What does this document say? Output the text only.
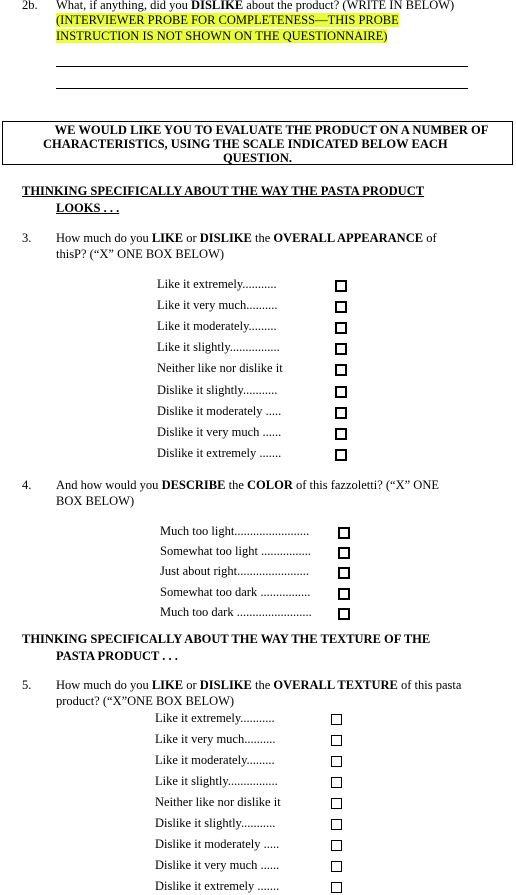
2b. What, if anything, did you DISLIKE about the product? (WRITE IN BELOW)
(INTERVIEWER PROBE FOR COMPLETENESS—THIS PROBE
INSTRUCTION IS NOT SHOWN ON THE QUESTIONNAIRE)
WE WOULD LIKE YOU TO EVALUATE THE PRODUCT ON A NUMBER OF
CHARACTERISTICS, USING THE SCALE INDICATED BELOW EACH
QUESTION.
THINKING SPECIFICALLY ABOUT THE WAY THE PASTA PRODUCT
LOOKS . . .
3. How much do you LIKE or DISLIKE the OVERALL APPEARANCE of
thisP? (“X” ONE BOX BELOW)
Like it extremely...........
Like it very much..........
Like it moderately.........
Like it slightly................
Neither like nor dislike it
Dislike it slightly...........
Dislike it moderately .....
Dislike it very much ......
Dislike it extremely .......
4. And how would you DESCRIBE the COLOR of this fazzoletti? (“X” ONE
BOX BELOW)
Much too light........................
Somewhat too light ................
Just about right.......................
Somewhat too dark ................
Much too dark ........................
THINKING SPECIFICALLY ABOUT THE WAY THE TEXTURE OF THE
PASTA PRODUCT . . .
5. How much do you LIKE or DISLIKE the OVERALL TEXTURE of this pasta
product? (“X”ONE BOX BELOW)
Like it extremely...........
Like it very much..........
Like it moderately.........
Like it slightly................
Neither like nor dislike it
Dislike it slightly...........
Dislike it moderately .....
Dislike it very much ......
Dislike it extremely .......
